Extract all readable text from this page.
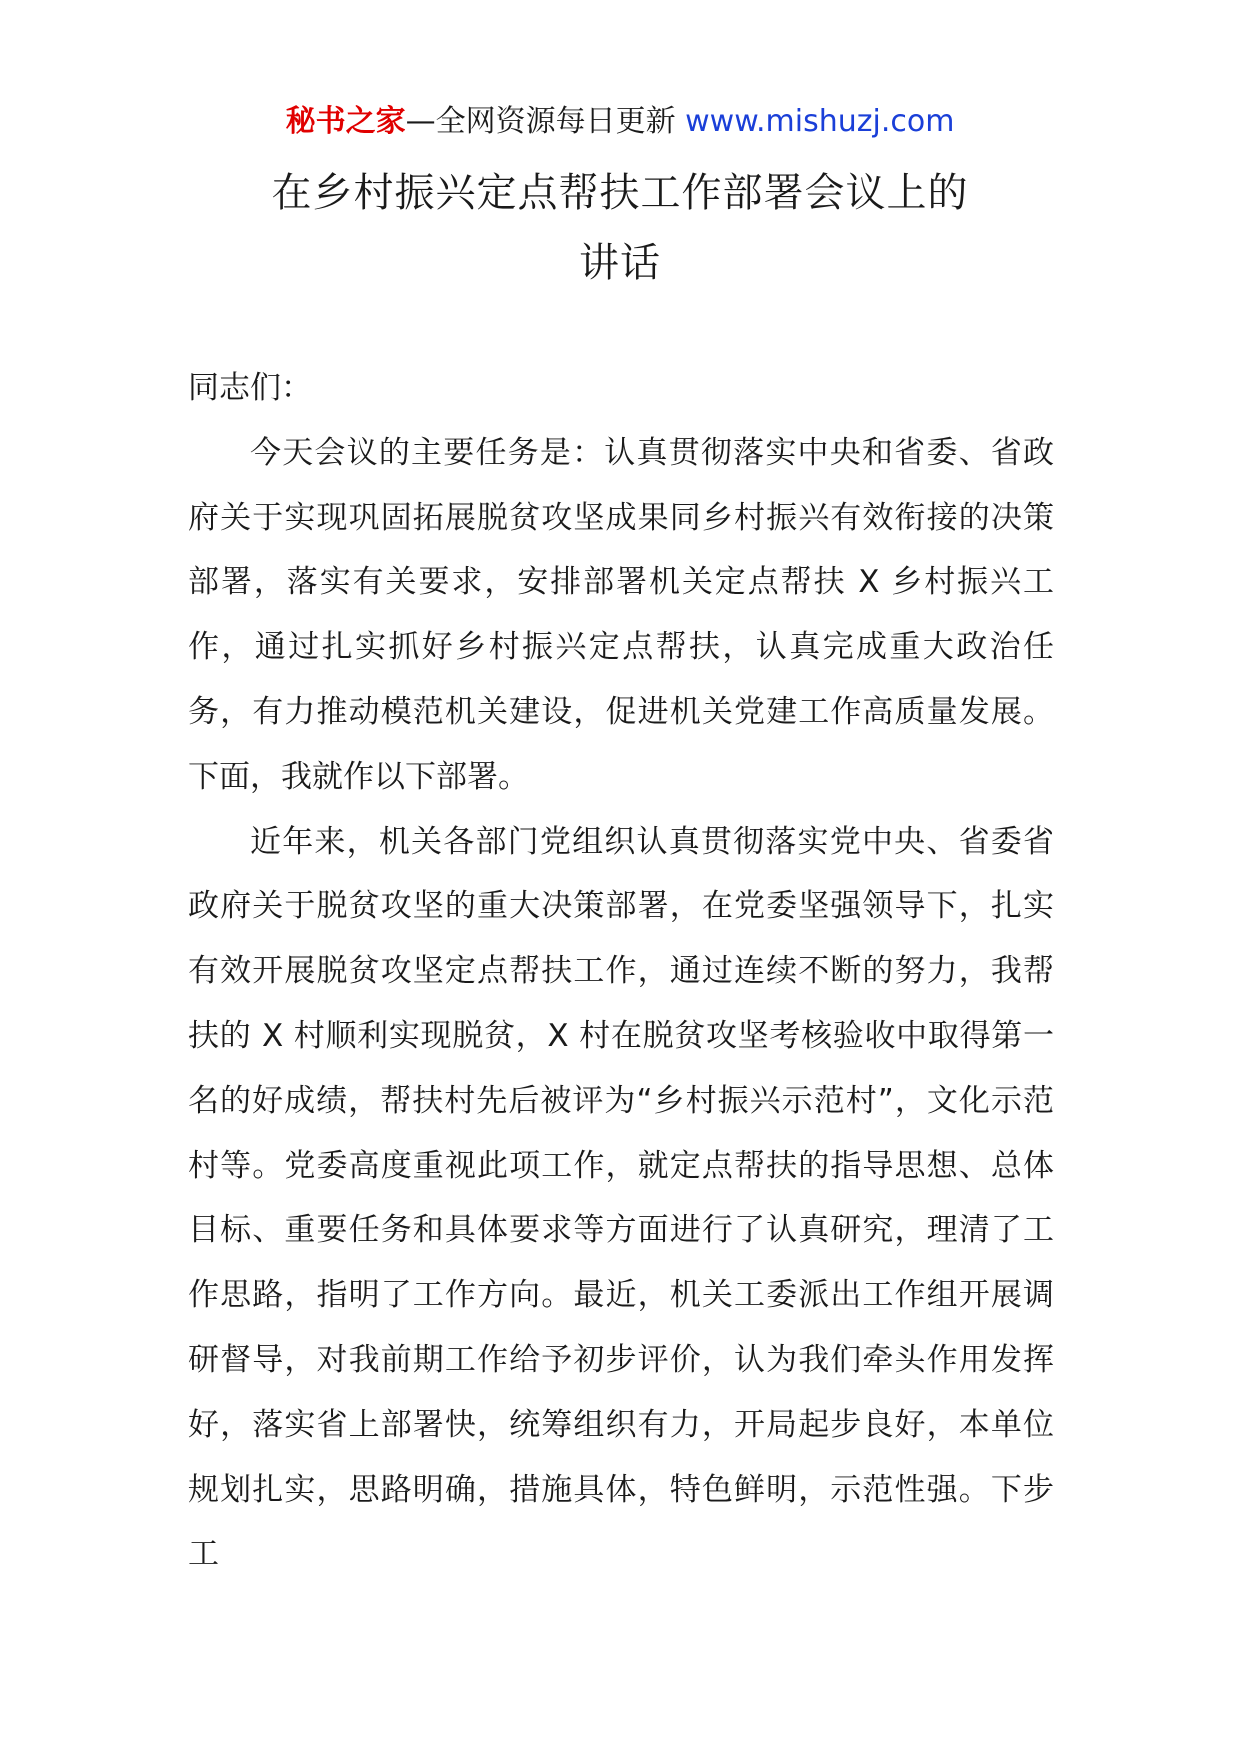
秘书之家—全网资源每日更新 www.mishuzj.com
在乡村振兴定点帮扶工作部署会议上的
讲话

同志们：

今天会议的主要任务是：认真贯彻落实中央和省委、省政府关于实现巩固拓展脱贫攻坚成果同乡村振兴有效衔接的决策部署，落实有关要求，安排部署机关定点帮扶 X 乡村振兴工作，通过扎实抓好乡村振兴定点帮扶，认真完成重大政治任务，有力推动模范机关建设，促进机关党建工作高质量发展。下面，我就作以下部署。

近年来，机关各部门党组织认真贯彻落实党中央、省委省政府关于脱贫攻坚的重大决策部署，在党委坚强领导下，扎实有效开展脱贫攻坚定点帮扶工作，通过连续不断的努力，我帮扶的 X 村顺利实现脱贫，X 村在脱贫攻坚考核验收中取得第一名的好成绩，帮扶村先后被评为“乡村振兴示范村”，文化示范村等。党委高度重视此项工作，就定点帮扶的指导思想、总体目标、重要任务和具体要求等方面进行了认真研究，理清了工作思路，指明了工作方向。最近，机关工委派出工作组开展调研督导，对我前期工作给予初步评价，认为我们牵头作用发挥好，落实省上部署快，统筹组织有力，开局起步良好，本单位规划扎实，思路明确，措施具体，特色鲜明，示范性强。下步工
